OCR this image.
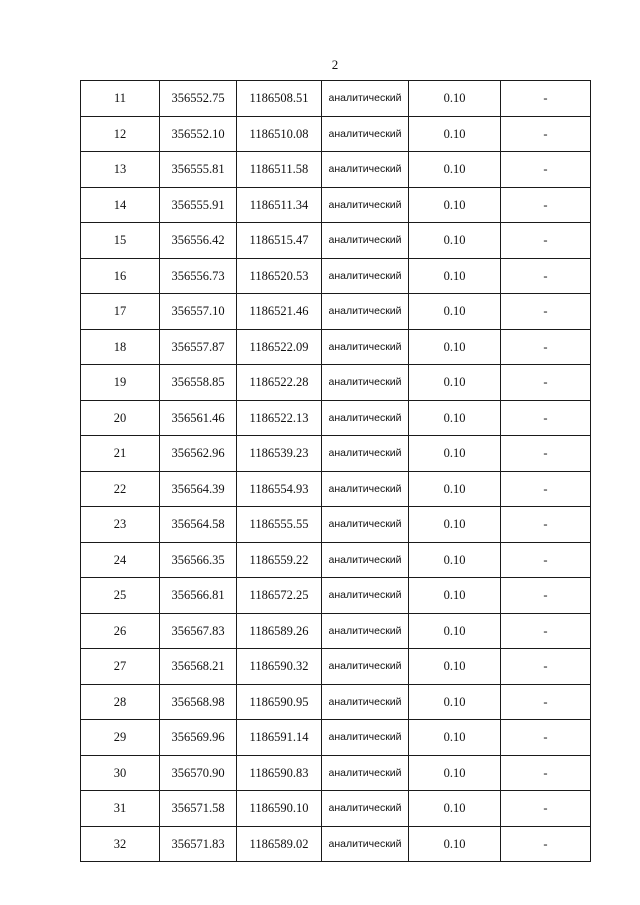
2
11	356552.75	1186508.51	аналитический	0.10	-
12	356552.10	1186510.08	аналитический	0.10	-
13	356555.81	1186511.58	аналитический	0.10	-
14	356555.91	1186511.34	аналитический	0.10	-
15	356556.42	1186515.47	аналитический	0.10	-
16	356556.73	1186520.53	аналитический	0.10	-
17	356557.10	1186521.46	аналитический	0.10	-
18	356557.87	1186522.09	аналитический	0.10	-
19	356558.85	1186522.28	аналитический	0.10	-
20	356561.46	1186522.13	аналитический	0.10	-
21	356562.96	1186539.23	аналитический	0.10	-
22	356564.39	1186554.93	аналитический	0.10	-
23	356564.58	1186555.55	аналитический	0.10	-
24	356566.35	1186559.22	аналитический	0.10	-
25	356566.81	1186572.25	аналитический	0.10	-
26	356567.83	1186589.26	аналитический	0.10	-
27	356568.21	1186590.32	аналитический	0.10	-
28	356568.98	1186590.95	аналитический	0.10	-
29	356569.96	1186591.14	аналитический	0.10	-
30	356570.90	1186590.83	аналитический	0.10	-
31	356571.58	1186590.10	аналитический	0.10	-
32	356571.83	1186589.02	аналитический	0.10	-
